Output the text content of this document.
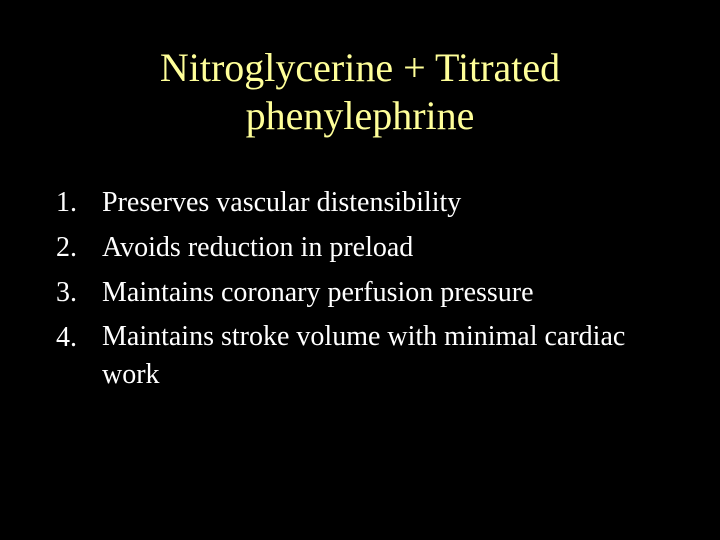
Nitroglycerine + Titrated
phenylephrine
1. Preserves vascular distensibility
2. Avoids reduction in preload
3. Maintains coronary perfusion pressure
4. Maintains stroke volume with minimal cardiac work
